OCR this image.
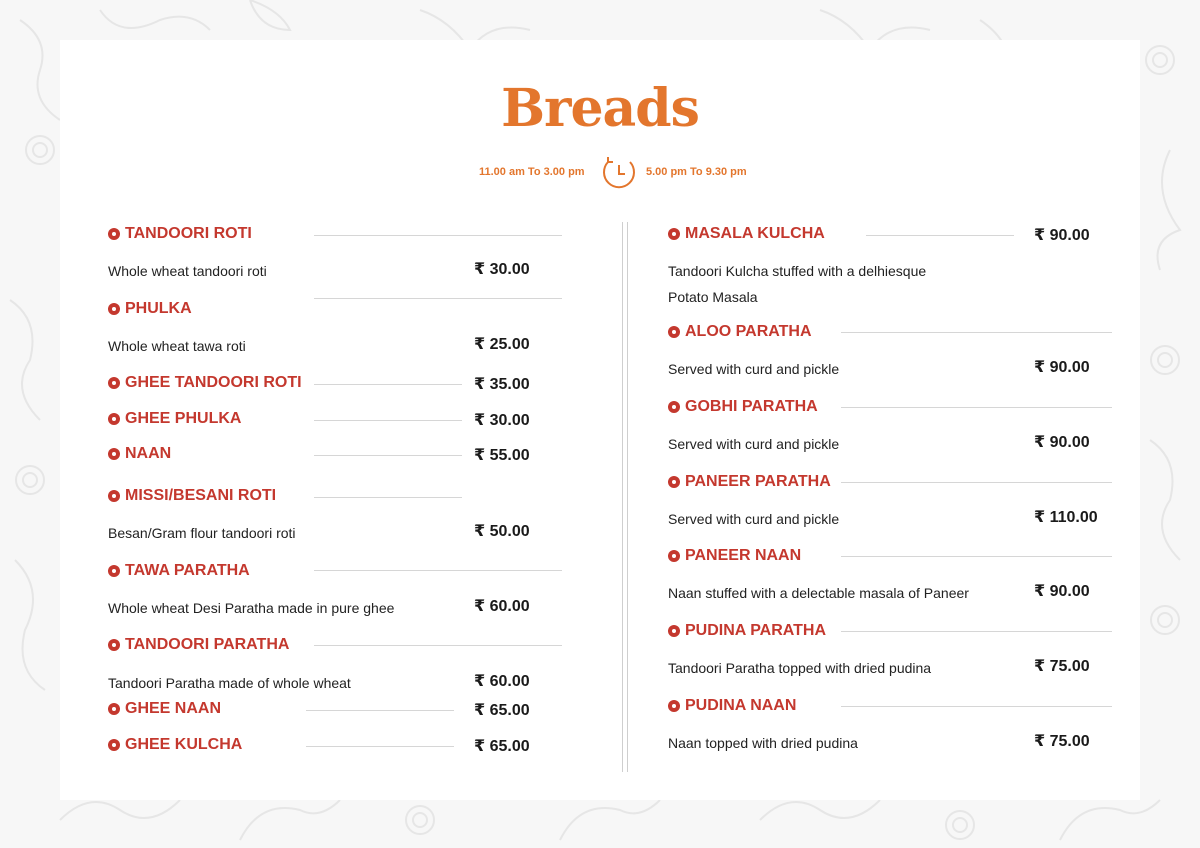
Breads
11.00 am To 3.00 pm	5.00 pm To 9.30 pm
TANDOORI ROTI
Whole wheat tandoori roti	₹ 30.00
PHULKA
Whole wheat tawa roti	₹ 25.00
GHEE TANDOORI ROTI	₹ 35.00
GHEE PHULKA	₹ 30.00
NAAN	₹ 55.00
MISSI/BESANI ROTI
Besan/Gram flour tandoori roti	₹ 50.00
TAWA PARATHA
Whole wheat Desi Paratha made in pure ghee	₹ 60.00
TANDOORI PARATHA
Tandoori Paratha made of whole wheat	₹ 60.00
GHEE NAAN	₹ 65.00
GHEE KULCHA	₹ 65.00
MASALA KULCHA	₹ 90.00
Tandoori Kulcha stuffed with a delhiesque
Potato Masala
ALOO PARATHA
Served with curd and pickle	₹ 90.00
GOBHI PARATHA
Served with curd and pickle	₹ 90.00
PANEER PARATHA
Served with curd and pickle	₹ 110.00
PANEER NAAN
Naan stuffed with a delectable masala of Paneer	₹ 90.00
PUDINA PARATHA
Tandoori Paratha topped with dried pudina	₹ 75.00
PUDINA NAAN
Naan topped with dried pudina	₹ 75.00
